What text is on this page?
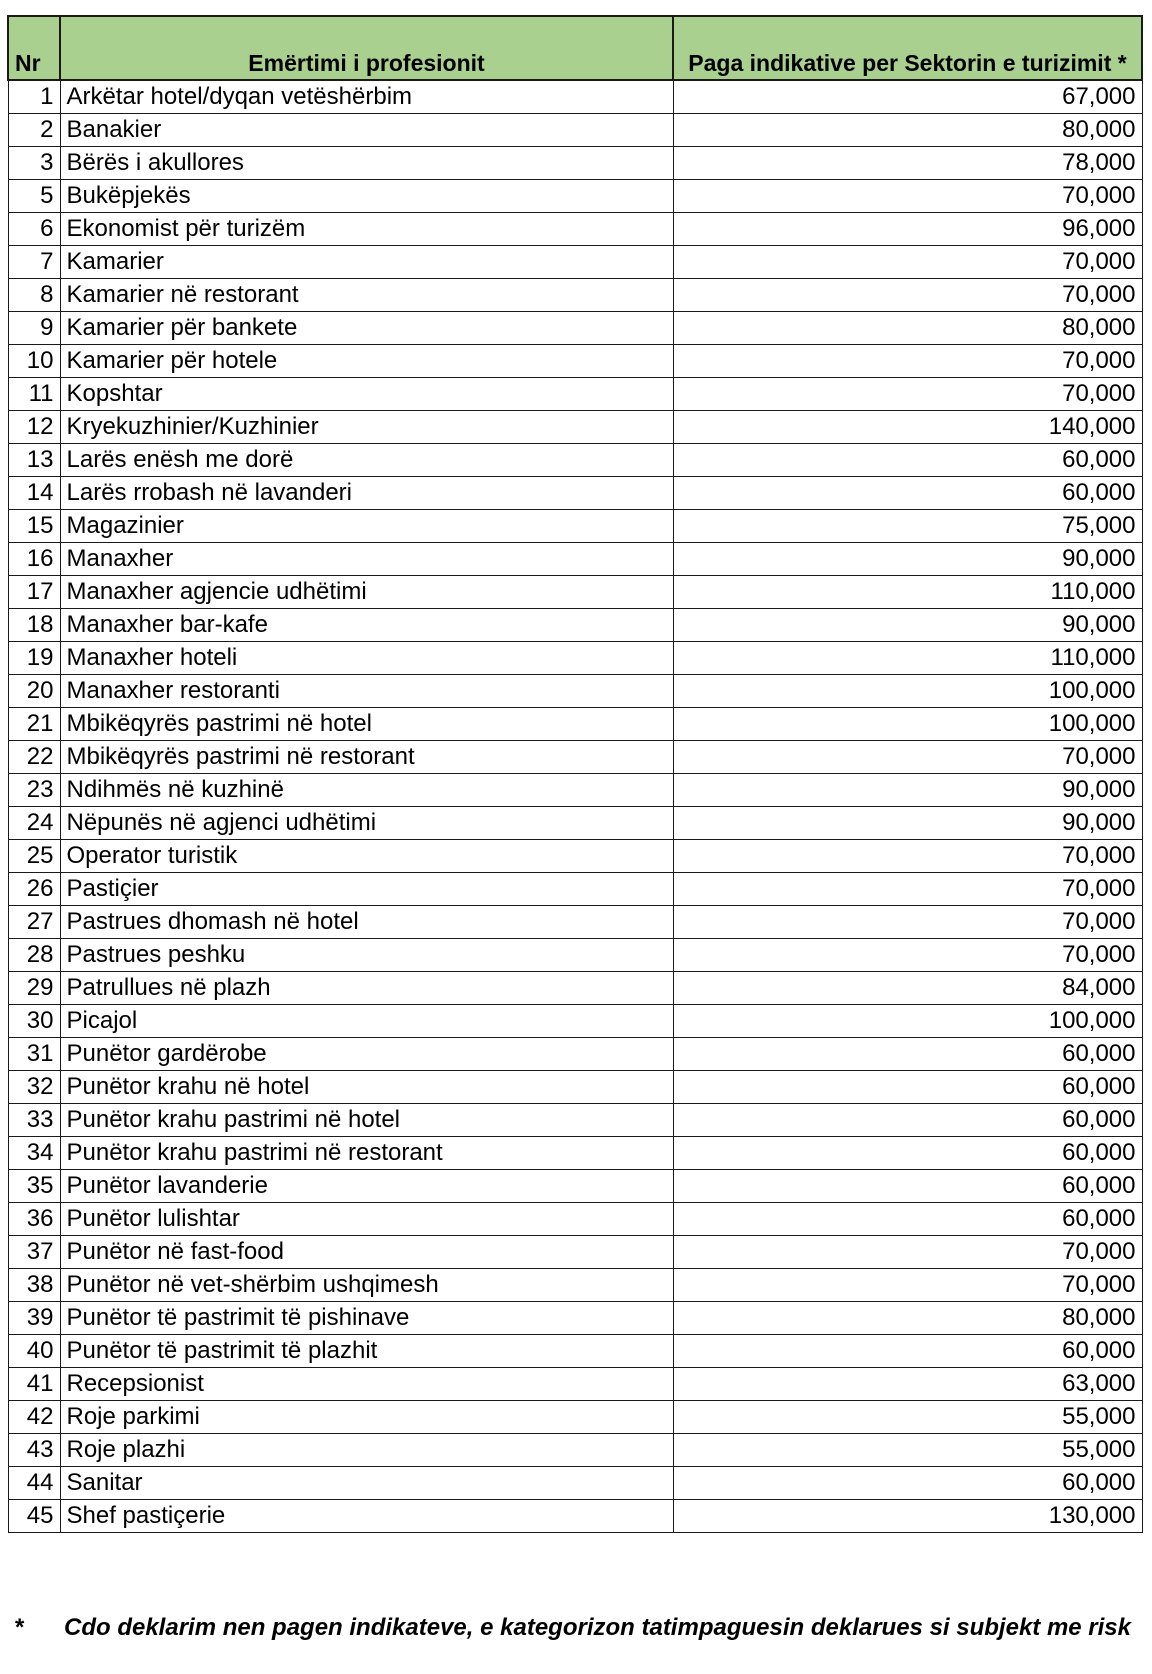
Nr	Emërtimi i profesionit	Paga indikative per Sektorin e turizimit *
1	Arkëtar hotel/dyqan vetëshërbim	67,000
2	Banakier	80,000
3	Bërës i akullores	78,000
5	Bukëpjekës	70,000
6	Ekonomist për turizëm	96,000
7	Kamarier	70,000
8	Kamarier në restorant	70,000
9	Kamarier për bankete	80,000
10	Kamarier për hotele	70,000
11	Kopshtar	70,000
12	Kryekuzhinier/Kuzhinier	140,000
13	Larës enësh me dorë	60,000
14	Larës rrobash në lavanderi	60,000
15	Magazinier	75,000
16	Manaxher	90,000
17	Manaxher agjencie udhëtimi	110,000
18	Manaxher bar-kafe	90,000
19	Manaxher hoteli	110,000
20	Manaxher restoranti	100,000
21	Mbikëqyrës pastrimi në hotel	100,000
22	Mbikëqyrës pastrimi në restorant	70,000
23	Ndihmës në kuzhinë	90,000
24	Nëpunës në agjenci udhëtimi	90,000
25	Operator turistik	70,000
26	Pastiçier	70,000
27	Pastrues dhomash në hotel	70,000
28	Pastrues peshku	70,000
29	Patrullues në plazh	84,000
30	Picajol	100,000
31	Punëtor gardërobe	60,000
32	Punëtor krahu në hotel	60,000
33	Punëtor krahu pastrimi në hotel	60,000
34	Punëtor krahu pastrimi në restorant	60,000
35	Punëtor lavanderie	60,000
36	Punëtor lulishtar	60,000
37	Punëtor në fast-food	70,000
38	Punëtor në vet-shërbim ushqimesh	70,000
39	Punëtor të pastrimit të pishinave	80,000
40	Punëtor të pastrimit të plazhit	60,000
41	Recepsionist	63,000
42	Roje parkimi	55,000
43	Roje plazhi	55,000
44	Sanitar	60,000
45	Shef pastiçerie	130,000
* Cdo deklarim nen pagen indikateve, e kategorizon tatimpaguesin deklarues si subjekt me risk
